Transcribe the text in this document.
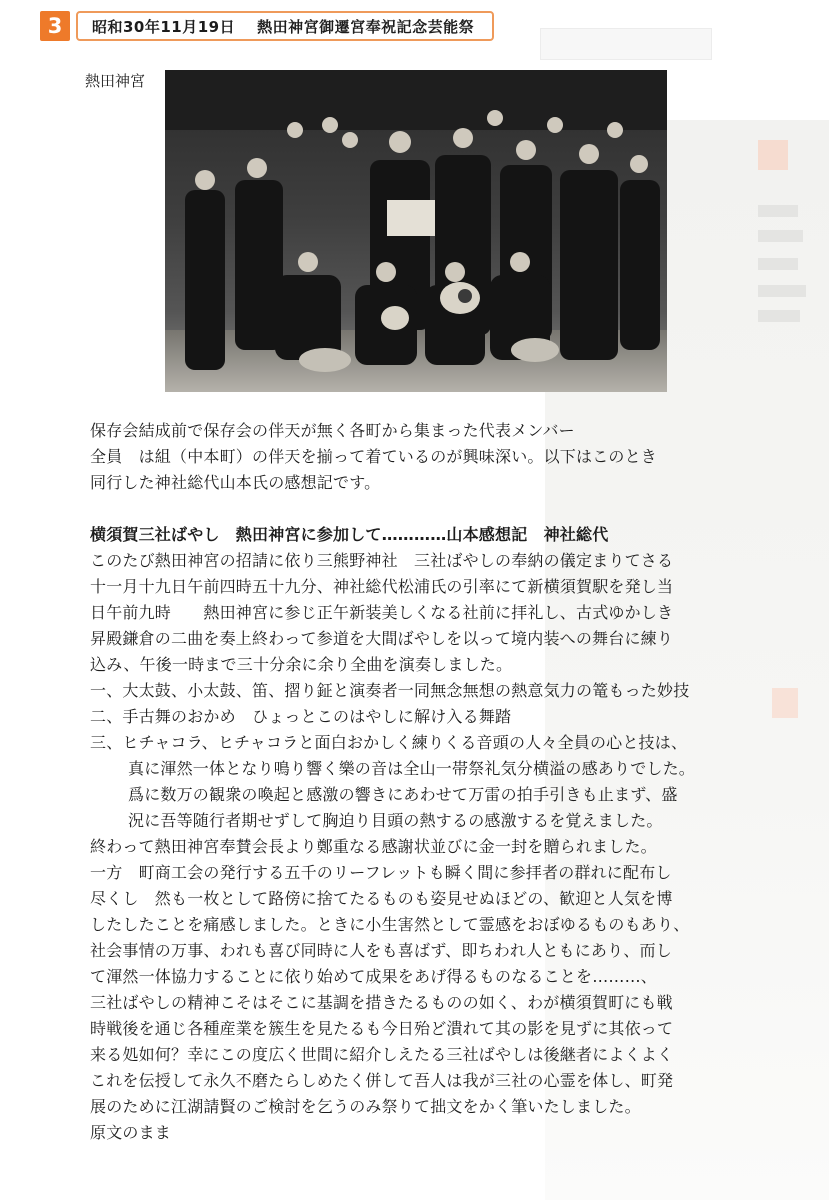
3	昭和30年11月19日 熱田神宮御遷宮奉祝記念芸能祭
熱田神宮
保存会結成前で保存会の伴天が無く各町から集まった代表メンバー
全員　は組（中本町）の伴天を揃って着ているのが興味深い。以下はこのとき
同行した神社総代山本氏の感想記です。
横須賀三社ばやし　熱田神宮に参加して…………山本感想記　神社総代
このたび熱田神宮の招請に依り三熊野神社　三社ばやしの奉納の儀定まりてさる
十一月十九日午前四時五十九分、神社総代松浦氏の引率にて新横須賀駅を発し当
日午前九時　　熱田神宮に参じ正午新装美しくなる社前に拝礼し、古式ゆかしき
昇殿鎌倉の二曲を奏上終わって参道を大間ばやしを以って境内装への舞台に練り
込み、午後一時まで三十分余に余り全曲を演奏しました。
一、大太鼓、小太鼓、笛、摺り鉦と演奏者一同無念無想の熱意気力の篭もった妙技
二、手古舞のおかめ　ひょっとこのはやしに解け入る舞踏
三、ヒチャコラ、ヒチャコラと面白おかしく練りくる音頭の人々全員の心と技は、
真に渾然一体となり鳴り響く樂の音は全山一帯祭礼気分横溢の感ありでした。
爲に数万の観衆の喚起と感激の響きにあわせて万雷の拍手引きも止まず、盛
況に吾等随行者期せずして胸迫り目頭の熱するの感激するを覚えました。
終わって熱田神宮奉賛会長より鄭重なる感謝状並びに金一封を贈られました。
一方　町商工会の発行する五千のリーフレットも瞬く間に参拝者の群れに配布し
尽くし　然も一枚として路傍に捨てたるものも姿見せぬほどの、歓迎と人気を博
したしたことを痛感しました。ときに小生害然として霊感をおぼゆるものもあり、
社会事情の万事、われも喜び同時に人をも喜ばず、即ちわれ人ともにあり、而し
て渾然一体協力することに依り始めて成果をあげ得るものなることを………、
三社ばやしの精神こそはそこに基調を措きたるものの如く、わが横須賀町にも戦
時戦後を通じ各種産業を簇生を見たるも今日殆ど潰れて其の影を見ずに其依って
来る処如何？幸にこの度広く世間に紹介しえたる三社ばやしは後継者によくよく
これを伝授して永久不磨たらしめたく併して吾人は我が三社の心霊を体し、町発
展のために江湖請賢のご検討を乞うのみ祭りて拙文をかく筆いたしました。
原文のまま
